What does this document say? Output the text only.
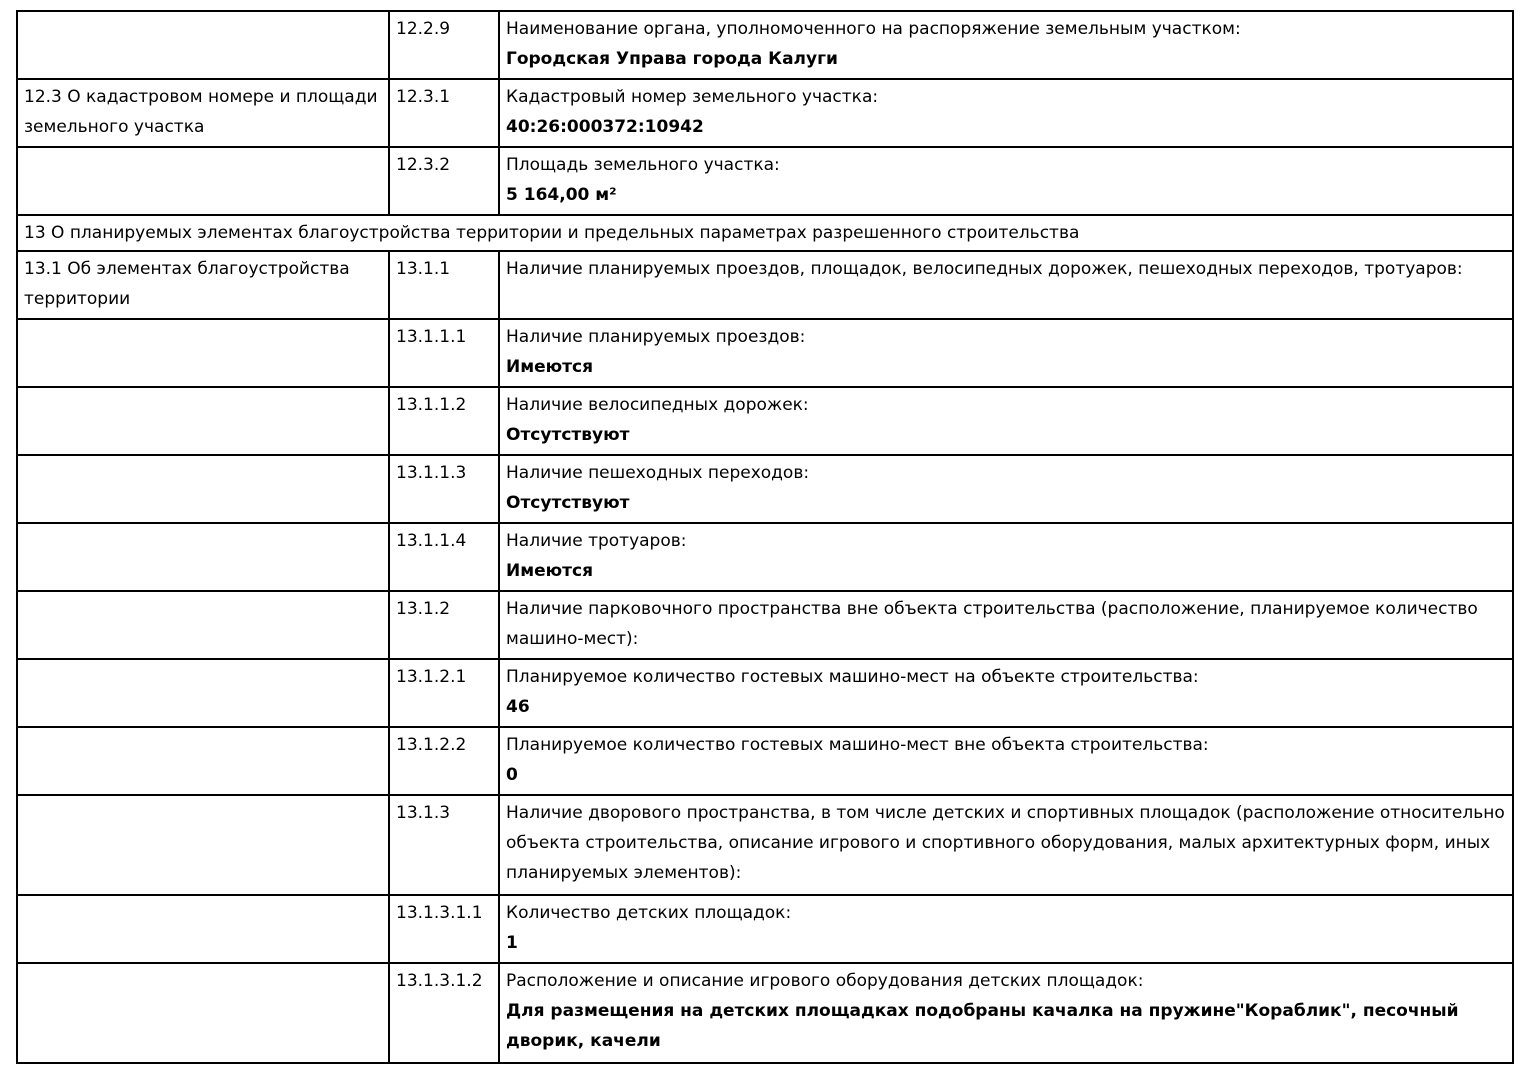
	12.2.9	Наименование органа, уполномоченного на распоряжение земельным участком:
Городская Управа города Калуги

12.3 О кадастровом номере и площади земельного участка	12.3.1	Кадастровый номер земельного участка:
40:26:000372:10942

	12.3.2	Площадь земельного участка:
5 164,00 м²

13 О планируемых элементах благоустройства территории и предельных параметрах разрешенного строительства		
13.1 Об элементах благоустройства территории	13.1.1	Наличие планируемых проездов, площадок, велосипедных дорожек, пешеходных переходов, тротуаров:

	13.1.1.1	Наличие планируемых проездов:
Имеются

	13.1.1.2	Наличие велосипедных дорожек:
Отсутствуют

	13.1.1.3	Наличие пешеходных переходов:
Отсутствуют

	13.1.1.4	Наличие тротуаров:
Имеются

	13.1.2	Наличие парковочного пространства вне объекта строительства (расположение, планируемое количество машино-мест):

	13.1.2.1	Планируемое количество гостевых машино-мест на объекте строительства:
46

	13.1.2.2	Планируемое количество гостевых машино-мест вне объекта строительства:
0

	13.1.3	Наличие дворового пространства, в том числе детских и спортивных площадок (расположение относительно объекта строительства, описание игрового и спортивного оборудования, малых архитектурных форм, иных планируемых элементов):

	13.1.3.1.1	Количество детских площадок:
1

	13.1.3.1.2	Расположение и описание игрового оборудования детских площадок:
Для размещения на детских площадках подобраны качалка на пружине"Кораблик", песочный дворик, качели
